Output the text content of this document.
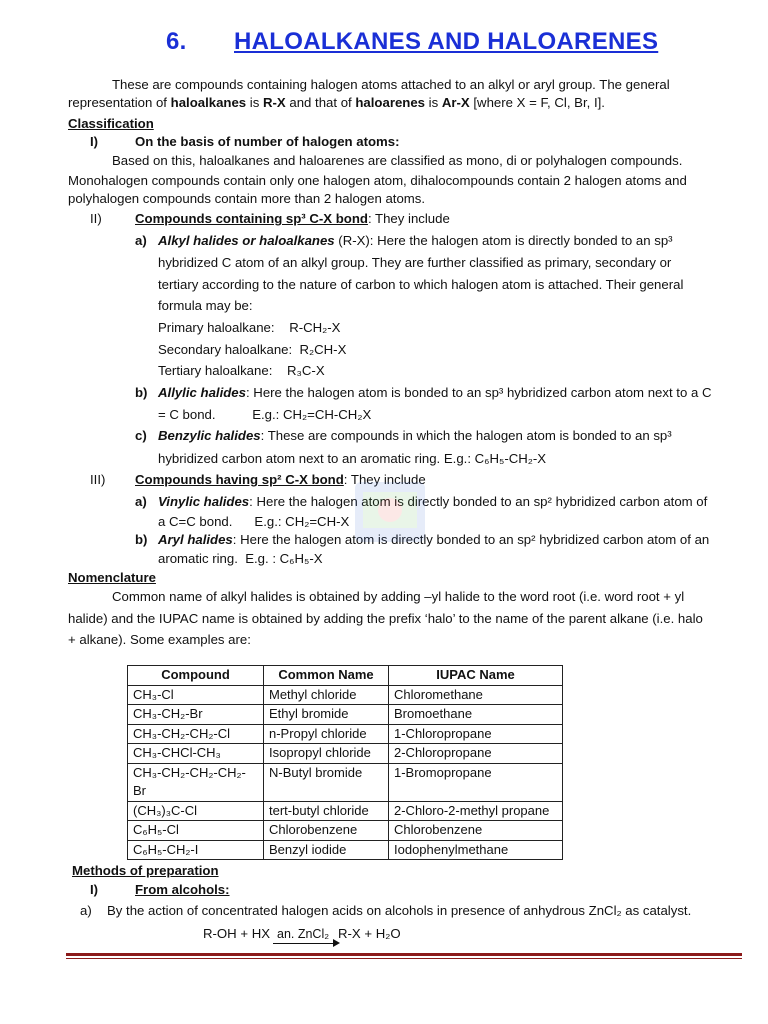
6. HALOALKANES AND HALOARENES
These are compounds containing halogen atoms attached to an alkyl or aryl group. The general
representation of haloalkanes is R-X and that of haloarenes is Ar-X [where X = F, Cl, Br, I].
Classification
I)	On the basis of number of halogen atoms:
Based on this, haloalkanes and haloarenes are classified as mono, di or polyhalogen compounds.
Monohalogen compounds contain only one halogen atom, dihalocompounds contain 2 halogen atoms and
polyhalogen compounds contain more than 2 halogen atoms.
II)	Compounds containing sp³ C-X bond: They include
a) Alkyl halides or haloalkanes (R-X): Here the halogen atom is directly bonded to an sp³
hybridized C atom of an alkyl group. They are further classified as primary, secondary or
tertiary according to the nature of carbon to which halogen atom is attached. Their general
formula may be:
Primary haloalkane:    R-CH₂-X
Secondary haloalkane:  R₂CH-X
Tertiary haloalkane:    R₃C-X
b) Allylic halides: Here the halogen atom is bonded to an sp³ hybridized carbon atom next to a C
= C bond.          E.g.: CH₂=CH-CH₂X
c) Benzylic halides: These are compounds in which the halogen atom is bonded to an sp³
hybridized carbon atom next to an aromatic ring. E.g.: C₆H₅-CH₂-X
III) Compounds having sp² C-X bond: They include
a) Vinylic halides: Here the halogen atom is directly bonded to an sp² hybridized carbon atom of
a C=C bond.      E.g.: CH₂=CH-X
b) Aryl halides: Here the halogen atom is directly bonded to an sp² hybridized carbon atom of an
aromatic ring.  E.g. : C₆H₅-X
Nomenclature
Common name of alkyl halides is obtained by adding –yl halide to the word root (i.e. word root + yl
halide) and the IUPAC name is obtained by adding the prefix ‘halo’ to the name of the parent alkane (i.e. halo
+ alkane). Some examples are:
Compound	Common Name	IUPAC Name
CH₃-Cl	Methyl chloride	Chloromethane
CH₃-CH₂-Br	Ethyl bromide	Bromoethane
CH₃-CH₂-CH₂-Cl	n-Propyl chloride	1-Chloropropane
CH₃-CHCl-CH₃	Isopropyl chloride	2-Chloropropane
CH₃-CH₂-CH₂-CH₂-Br	N-Butyl bromide	1-Bromopropane
(CH₃)₃C-Cl	tert-butyl chloride	2-Chloro-2-methyl propane
C₆H₅-Cl	Chlorobenzene	Chlorobenzene
C₆H₅-CH₂-I	Benzyl iodide	Iodophenylmethane
Methods of preparation
I)	From alcohols:
a) By the action of concentrated halogen acids on alcohols in presence of anhydrous ZnCl₂ as catalyst.
R-OH + HX an. ZnCl₂ R-X + H₂O
